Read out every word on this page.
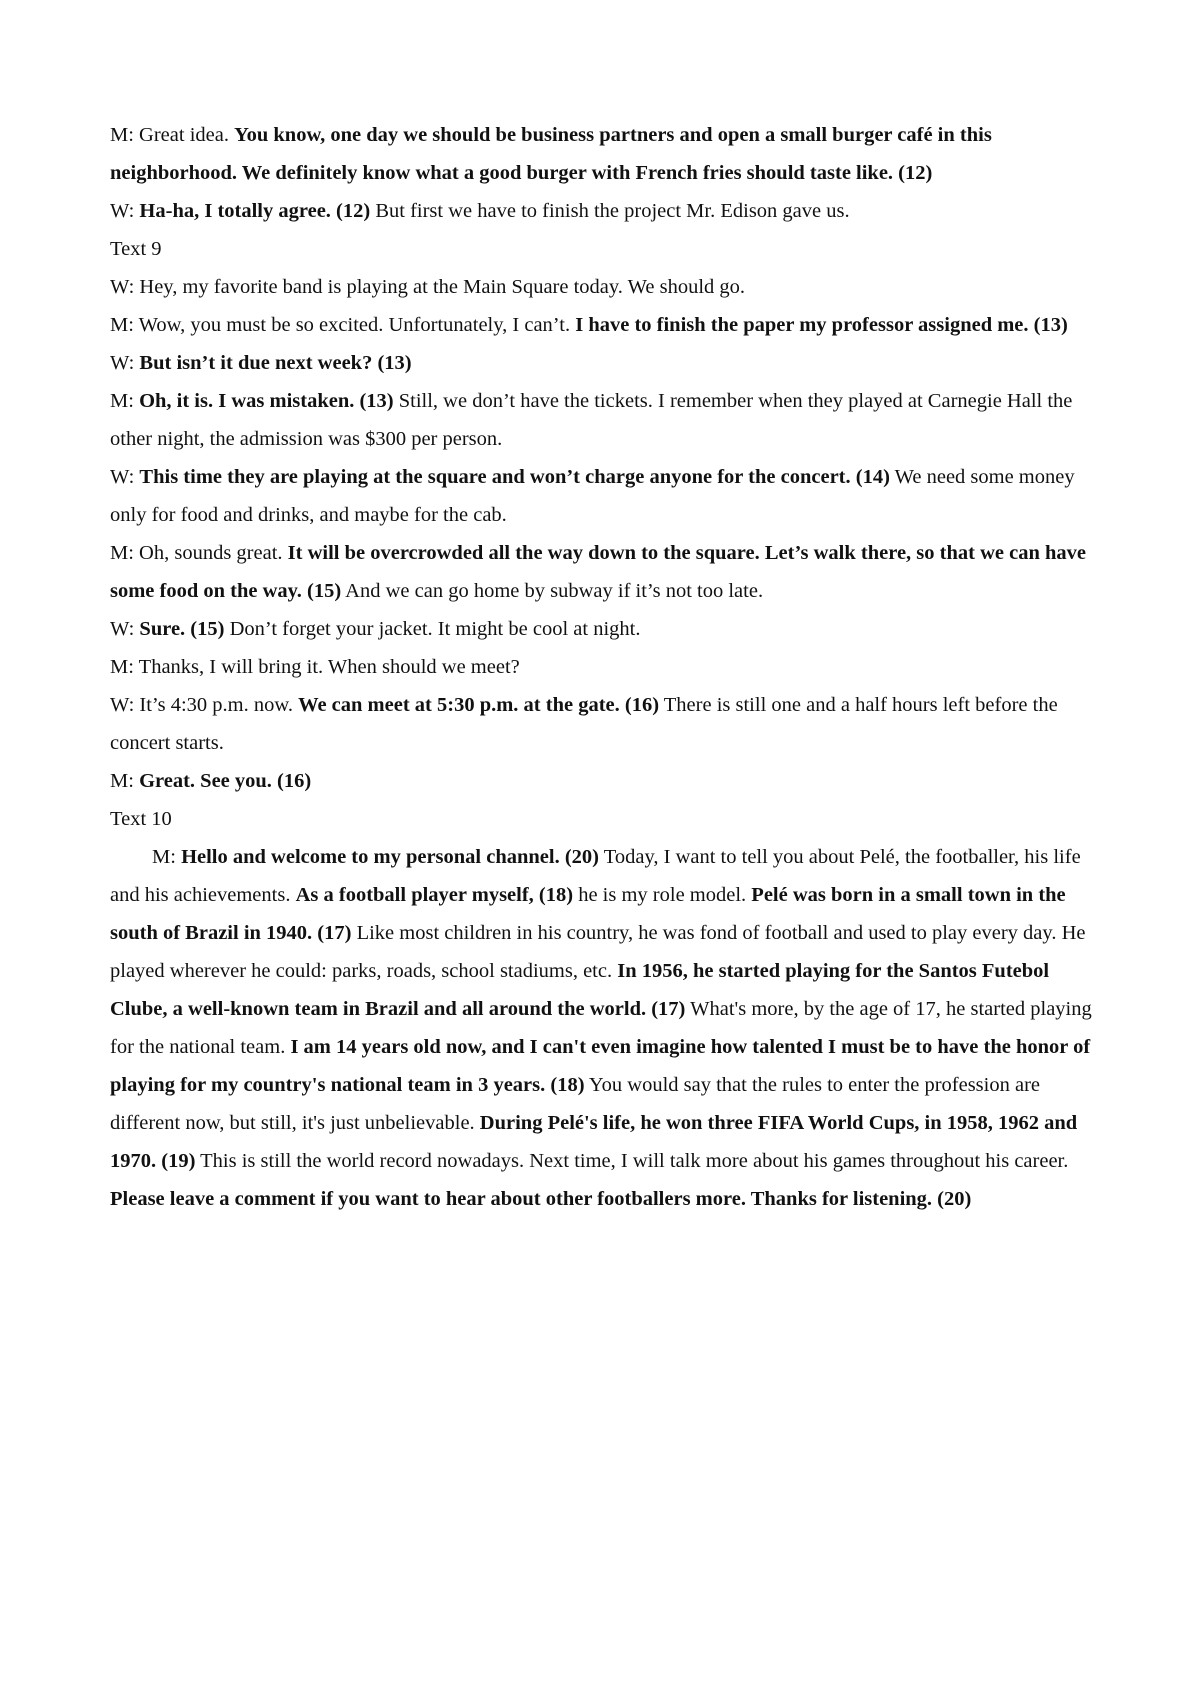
M: Great idea. You know, one day we should be business partners and open a small burger café in this neighborhood. We definitely know what a good burger with French fries should taste like. (12)

W: Ha-ha, I totally agree. (12) But first we have to finish the project Mr. Edison gave us.

Text 9

W: Hey, my favorite band is playing at the Main Square today. We should go.

M: Wow, you must be so excited. Unfortunately, I can’t. I have to finish the paper my professor assigned me. (13)

W: But isn’t it due next week? (13)

M: Oh, it is. I was mistaken. (13) Still, we don’t have the tickets. I remember when they played at Carnegie Hall the other night, the admission was $300 per person.

W: This time they are playing at the square and won’t charge anyone for the concert. (14) We need some money only for food and drinks, and maybe for the cab.

M: Oh, sounds great. It will be overcrowded all the way down to the square. Let’s walk there, so that we can have some food on the way. (15) And we can go home by subway if it’s not too late.

W: Sure. (15) Don’t forget your jacket. It might be cool at night.

M: Thanks, I will bring it. When should we meet?

W: It’s 4:30 p.m. now. We can meet at 5:30 p.m. at the gate. (16) There is still one and a half hours left before the concert starts.

M: Great. See you. (16)

Text 10

M: Hello and welcome to my personal channel. (20) Today, I want to tell you about Pelé, the footballer, his life and his achievements. As a football player myself, (18) he is my role model. Pelé was born in a small town in the south of Brazil in 1940. (17) Like most children in his country, he was fond of football and used to play every day. He played wherever he could: parks, roads, school stadiums, etc. In 1956, he started playing for the Santos Futebol Clube, a well-known team in Brazil and all around the world. (17) What's more, by the age of 17, he started playing for the national team. I am 14 years old now, and I can't even imagine how talented I must be to have the honor of playing for my country's national team in 3 years. (18) You would say that the rules to enter the profession are different now, but still, it's just unbelievable. During Pelé's life, he won three FIFA World Cups, in 1958, 1962 and 1970. (19) This is still the world record nowadays. Next time, I will talk more about his games throughout his career. Please leave a comment if you want to hear about other footballers more. Thanks for listening. (20)
